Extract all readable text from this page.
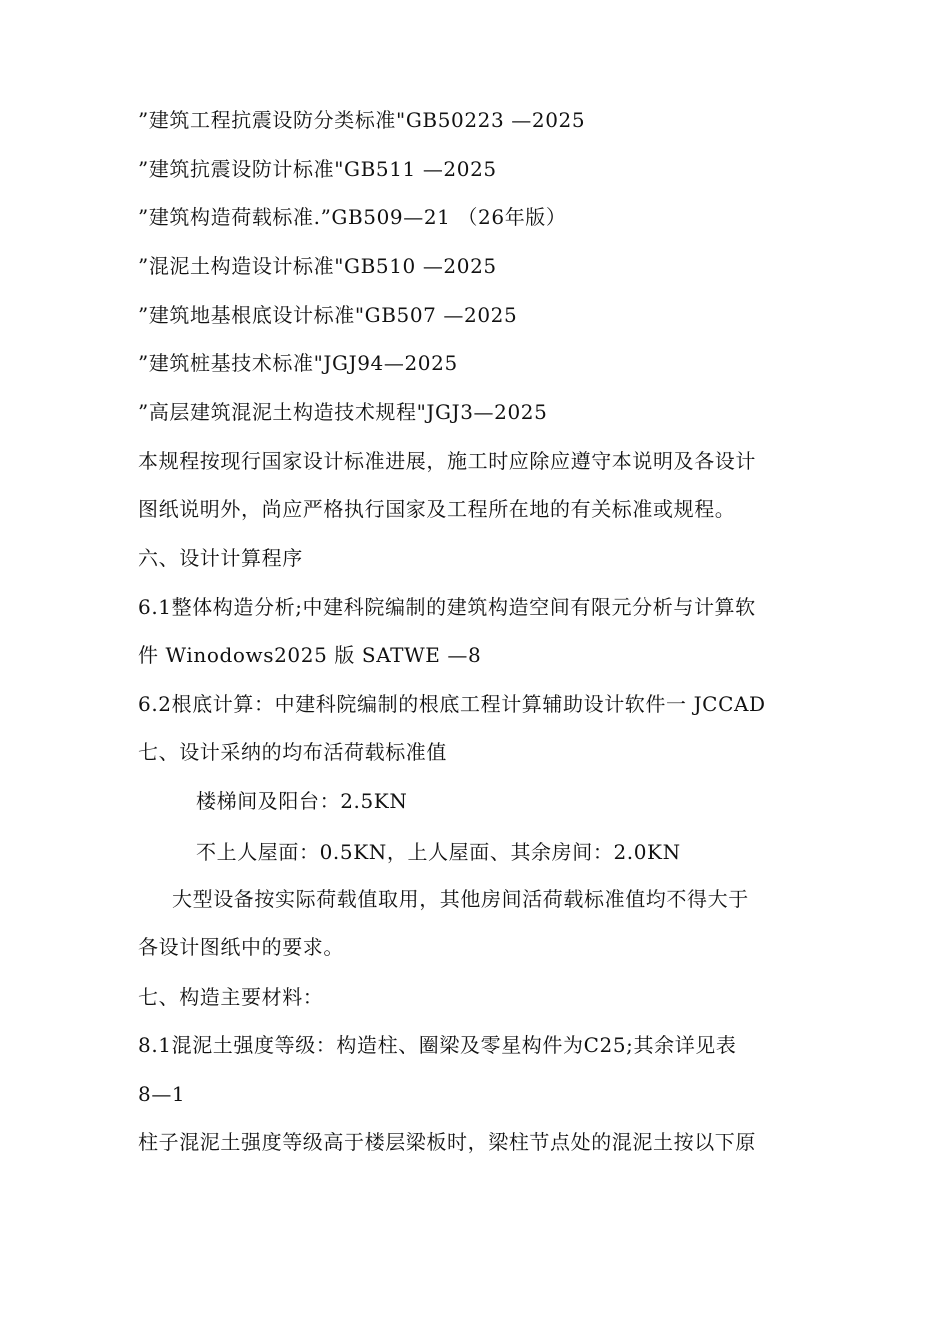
”建筑工程抗震设防分类标准"GB50223 —2025
”建筑抗震设防计标准"GB511 —2025
”建筑构造荷载标准.”GB509—21 （26年版）
”混泥土构造设计标准"GB510 —2025
”建筑地基根底设计标准"GB507 —2025
”建筑桩基技术标准"JGJ94—2025
”高层建筑混泥土构造技术规程"JGJ3—2025
本规程按现行国家设计标准进展，施工时应除应遵守本说明及各设计
图纸说明外，尚应严格执行国家及工程所在地的有关标准或规程。
六、设计计算程序
6.1整体构造分析;中建科院编制的建筑构造空间有限元分析与计算软
件 Winodows2025 版 SATWE —8
6.2根底计算：中建科院编制的根底工程计算辅助设计软件一 JCCAD
七、设计采纳的均布活荷载标准值
楼梯间及阳台：2.5KN
不上人屋面：0.5KN，上人屋面、其余房间：2.0KN
大型设备按实际荷载值取用，其他房间活荷载标准值均不得大于
各设计图纸中的要求。
七、构造主要材料：
8.1混泥土强度等级：构造柱、圈梁及零星构件为C25;其余详见表
8—1
柱子混泥土强度等级高于楼层梁板时，梁柱节点处的混泥土按以下原
